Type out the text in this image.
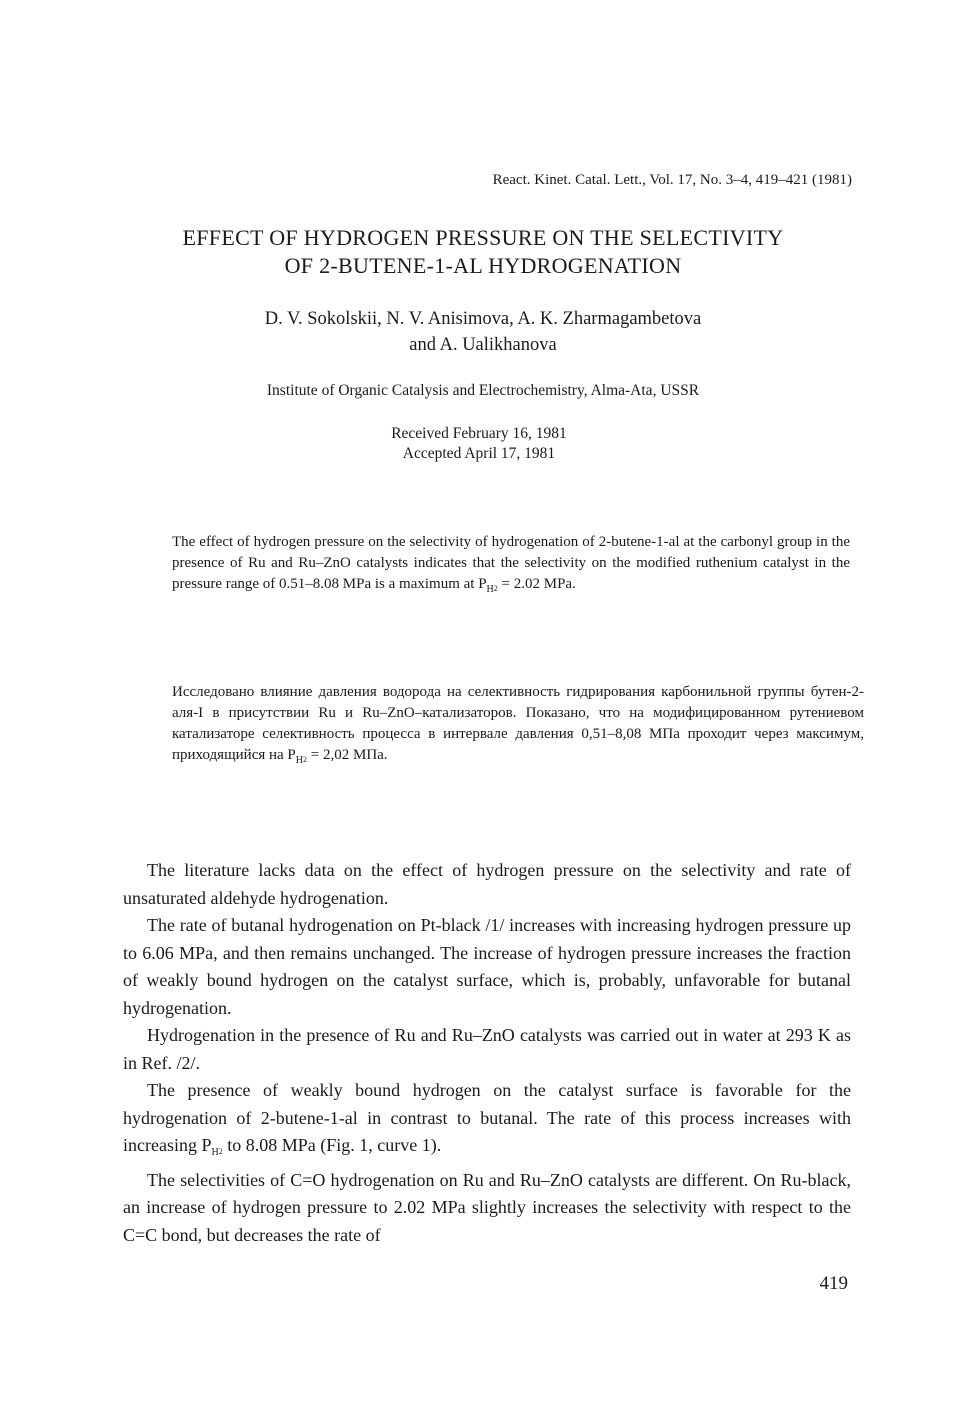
React. Kinet. Catal. Lett., Vol. 17, No. 3–4, 419–421 (1981)
EFFECT OF HYDROGEN PRESSURE ON THE SELECTIVITY
OF 2-BUTENE-1-AL HYDROGENATION
D. V. Sokolskii, N. V. Anisimova, A. K. Zharmagambetova
and A. Ualikhanova
Institute of Organic Catalysis and Electrochemistry, Alma-Ata, USSR
Received February 16, 1981
Accepted April 17, 1981
The effect of hydrogen pressure on the selectivity of hydrogenation of 2-butene-1-al at the carbonyl group in the presence of Ru and Ru–ZnO catalysts indicates that the selectivity on the modified ruthenium catalyst in the pressure range of 0.51–8.08 MPa is a maximum at $P_{H2} = 2.02$ MPa.
Исследовано влияние давления водорода на селективность гидрирования карбонильной группы бутен-2-аля-I в присутствии Ru и Ru–ZnO–катализаторов. Показано, что на модифицированном рутениевом катализаторе селективность процесса в интервале давления 0,51–8,08 МПа проходит через максимум, приходящийся на $P_{H2} = 2,02$ МПа.

The literature lacks data on the effect of hydrogen pressure on the selectivity and rate of unsaturated aldehyde hydrogenation.

The rate of butanal hydrogenation on Pt-black /1/ increases with increasing hydrogen pressure up to 6.06 MPa, and then remains unchanged. The increase of hydrogen pressure increases the fraction of weakly bound hydrogen on the catalyst surface, which is, probably, unfavorable for butanal hydrogenation.

Hydrogenation in the presence of Ru and Ru–ZnO catalysts was carried out in water at 293 K as in Ref. /2/.

The presence of weakly bound hydrogen on the catalyst surface is favorable for the hydrogenation of 2-butene-1-al in contrast to butanal. The rate of this process increases with increasing $P_H2$ to 8.08 MPa (Fig. 1, curve 1).

The selectivities of C=O hydrogenation on Ru and Ru–ZnO catalysts are different. On Ru-black, an increase of hydrogen pressure to 2.02 MPa slightly increases the selectivity with respect to the C=C bond, but decreases the rate of

419
